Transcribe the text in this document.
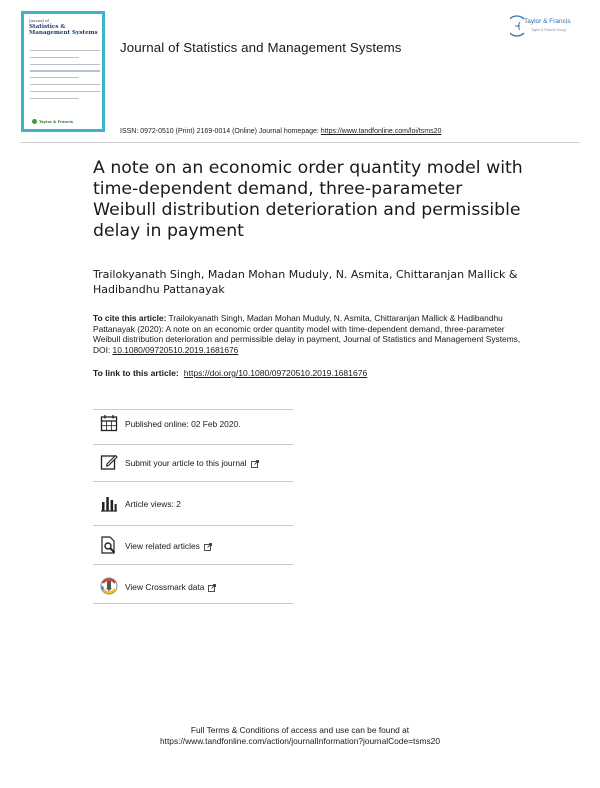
Journal of
Statistics &
Management Systems
Taylor & Francis
Journal of Statistics and Management Systems
Taylor & Francis
Taylor & Francis Group
ISSN: 0972-0510 (Print) 2169-0014 (Online) Journal homepage: https://www.tandfonline.com/loi/tsms20
A note on an economic order quantity model with time-dependent demand, three-parameter Weibull distribution deterioration and permissible delay in payment
Trailokyanath Singh, Madan Mohan Muduly, N. Asmita, Chittaranjan Mallick & Hadibandhu Pattanayak
To cite this article: Trailokyanath Singh, Madan Mohan Muduly, N. Asmita, Chittaranjan Mallick & Hadibandhu Pattanayak (2020): A note on an economic order quantity model with time-dependent demand, three-parameter Weibull distribution deterioration and permissible delay in payment, Journal of Statistics and Management Systems, DOI: 10.1080/09720510.2019.1681676
To link to this article: https://doi.org/10.1080/09720510.2019.1681676
Published online: 02 Feb 2020.
Submit your article to this journal
Article views: 2
View related articles
View Crossmark data
Full Terms & Conditions of access and use can be found at
https://www.tandfonline.com/action/journalInformation?journalCode=tsms20
